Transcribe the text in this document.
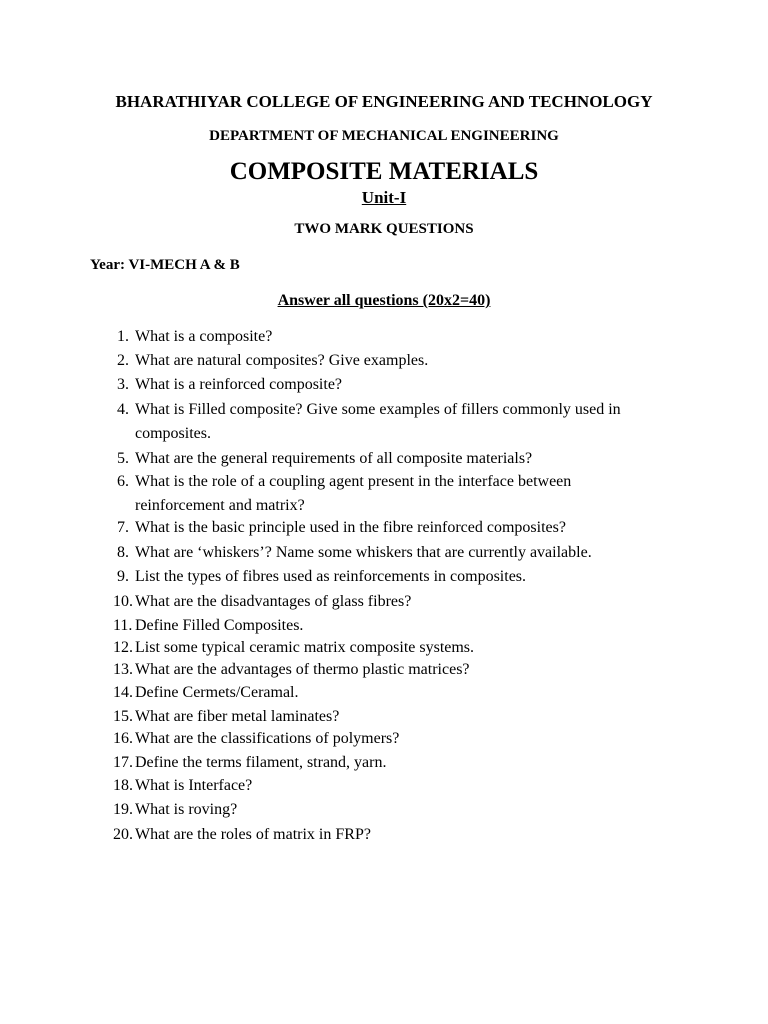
BHARATHIYAR COLLEGE OF ENGINEERING AND TECHNOLOGY
DEPARTMENT OF MECHANICAL ENGINEERING
COMPOSITE MATERIALS
Unit-I
TWO MARK QUESTIONS
Year: VI-MECH A & B
Answer all questions (20x2=40)
1. What is a composite?
2. What are natural composites? Give examples.
3. What is a reinforced composite?
4. What is Filled composite? Give some examples of fillers commonly used in
composites.
5. What are the general requirements of all composite materials?
6. What is the role of a coupling agent present in the interface between
reinforcement and matrix?
7. What is the basic principle used in the fibre reinforced composites?
8. What are ‘whiskers’? Name some whiskers that are currently available.
9. List the types of fibres used as reinforcements in composites.
10. What are the disadvantages of glass fibres?
11. Define Filled Composites.
12. List some typical ceramic matrix composite systems.
13. What are the advantages of thermo plastic matrices?
14. Define Cermets/Ceramal.
15. What are fiber metal laminates?
16. What are the classifications of polymers?
17. Define the terms filament, strand, yarn.
18. What is Interface?
19. What is roving?
20. What are the roles of matrix in FRP?
